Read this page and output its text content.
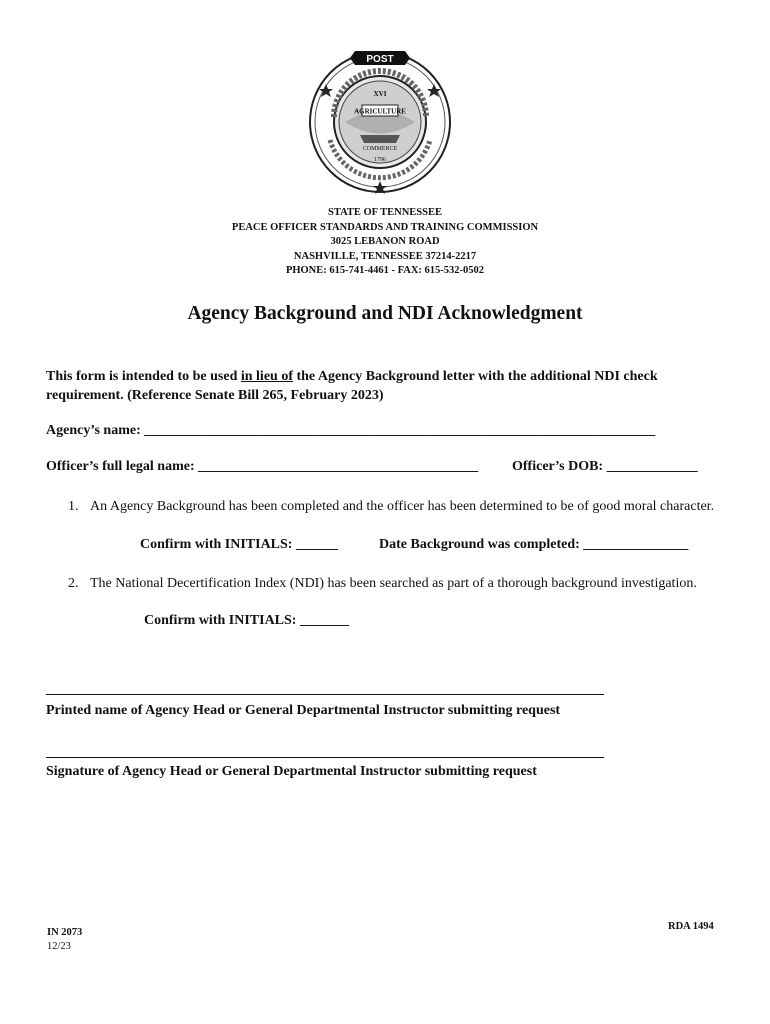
AGRICULTURE
XVI
COMMERCE
1796
POST
STATE OF TENNESSEE
PEACE OFFICER STANDARDS AND TRAINING COMMISSION
3025 LEBANON ROAD
NASHVILLE, TENNESSEE 37214-2217
PHONE: 615-741-4461 - FAX: 615-532-0502
Agency Background and NDI Acknowledgment
This form is intended to be used in lieu of the Agency Background letter with the additional NDI check requirement. (Reference Senate Bill 265, February 2023)
Agency’s name: _________________________________________________________________________
Officer’s full legal name: ________________________________________ Officer’s DOB: _____________
1. An Agency Background has been completed and the officer has been determined to be of good moral character.
Confirm with INITIALS: ______	Date Background was completed: _______________
2. The National Decertification Index (NDI) has been searched as part of a thorough background investigation.
Confirm with INITIALS: _______
Printed name of Agency Head or General Departmental Instructor submitting request
Signature of Agency Head or General Departmental Instructor submitting request
IN 2073
12/23
RDA 1494
